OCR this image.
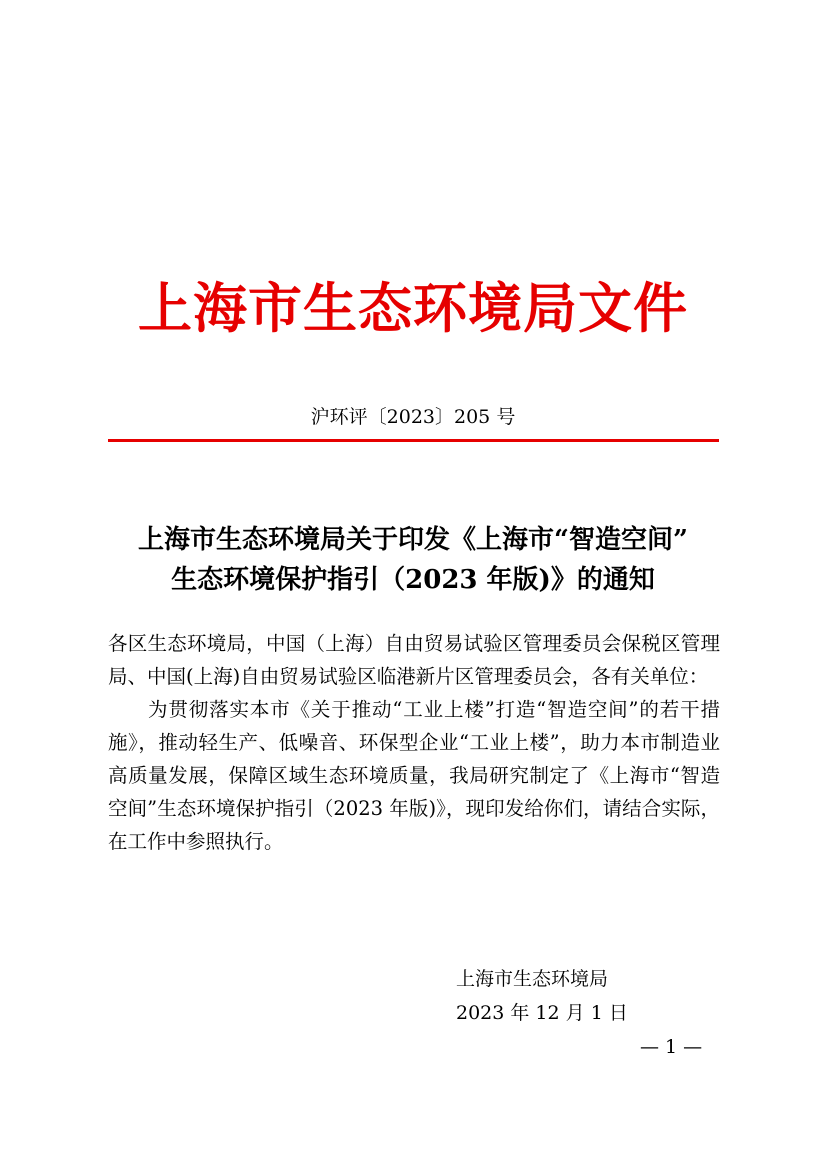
上海市生态环境局文件
沪环评〔2023〕205 号
上海市生态环境局关于印发《上海市“智造空间”
生态环境保护指引（2023 年版)》的通知

各区生态环境局，中国（上海）自由贸易试验区管理委员会保税区管理局、中国(上海)自由贸易试验区临港新片区管理委员会，各有关单位：

为贯彻落实本市《关于推动“工业上楼”打造“智造空间”的若干措施》，推动轻生产、低噪音、环保型企业“工业上楼”，助力本市制造业高质量发展，保障区域生态环境质量，我局研究制定了《上海市“智造空间”生态环境保护指引（2023 年版)》，现印发给你们，请结合实际，在工作中参照执行。

上海市生态环境局
2023 年 12 月 1 日
— 1 —
